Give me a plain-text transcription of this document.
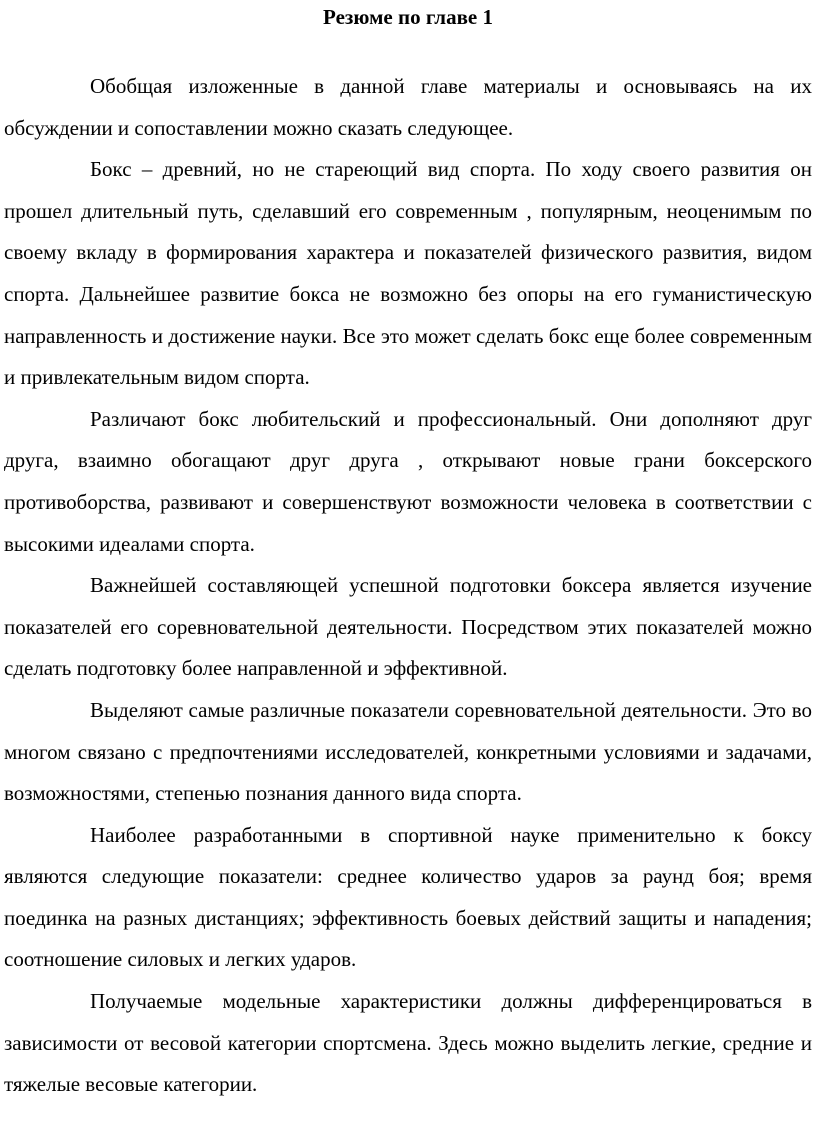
Резюме по главе 1

Обобщая изложенные в данной главе материалы и основываясь на их обсуждении и сопоставлении можно сказать следующее.

Бокс – древний, но не стареющий вид спорта. По ходу своего развития он прошел длительный путь, сделавший его современным , популярным, неоценимым по своему вкладу в формирования характера и показателей физического развития, видом спорта. Дальнейшее развитие бокса не возможно без опоры на его гуманистическую направленность и достижение науки. Все это может сделать бокс еще более современным и привлекательным видом спорта.

Различают бокс любительский и профессиональный. Они дополняют друг друга, взаимно обогащают друг друга , открывают новые грани боксерского противоборства, развивают и совершенствуют возможности человека в соответствии с высокими идеалами спорта.

Важнейшей составляющей успешной подготовки боксера является изучение показателей его соревновательной деятельности. Посредством этих показателей можно сделать подготовку более направленной и эффективной.

Выделяют самые различные показатели соревновательной деятельности. Это во многом связано с предпочтениями исследователей, конкретными условиями и задачами, возможностями, степенью познания данного вида спорта.

Наиболее разработанными в спортивной науке применительно к боксу являются следующие показатели: среднее количество ударов за раунд боя; время поединка на разных дистанциях; эффективность боевых действий защиты и нападения; соотношение силовых и легких ударов.

Получаемые модельные характеристики должны дифференцироваться в зависимости от весовой категории спортсмена. Здесь можно выделить легкие, средние и тяжелые весовые категории.
